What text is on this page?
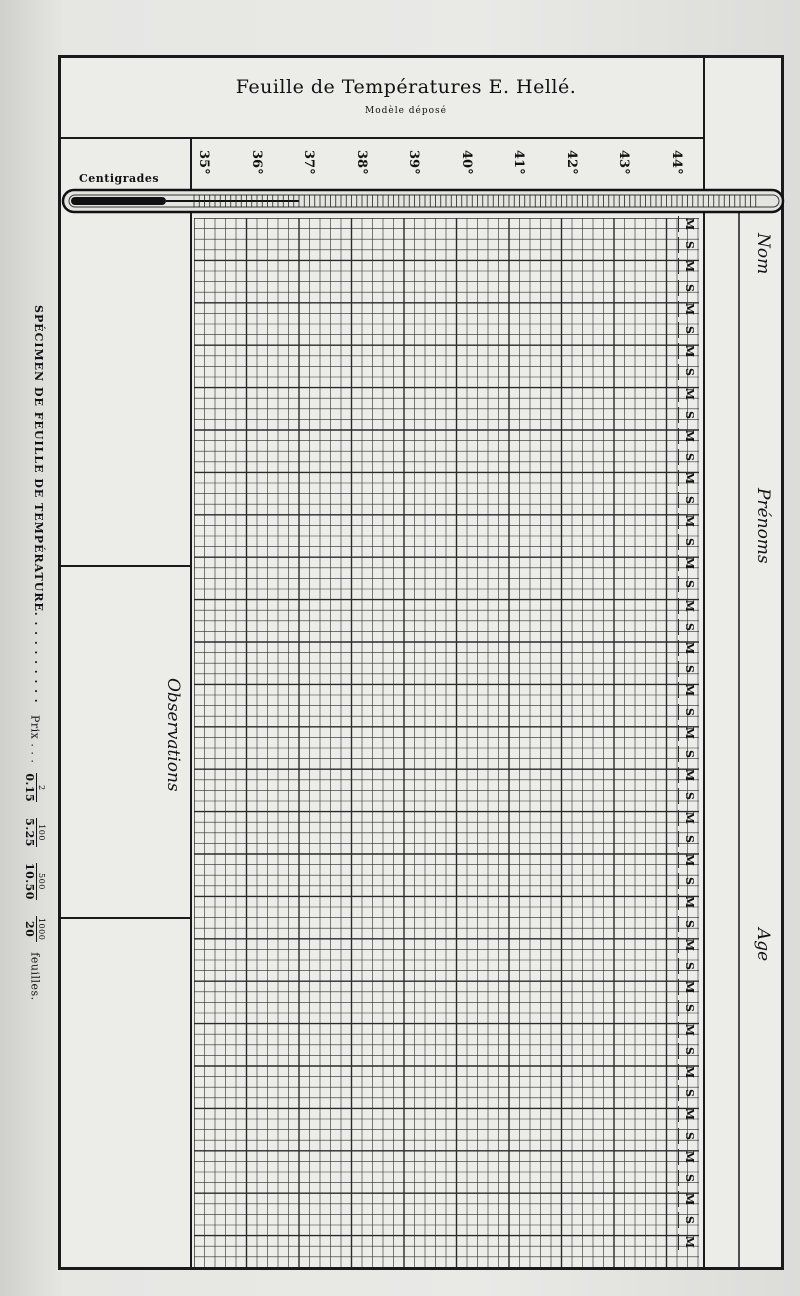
SPÉCIMEN DE FEUILLE DE TEMPÉRATURE. . . . . . . . . .
Prix . . .
2
0.15

100
5.25

500
10.50

1000
20
feuilles.
Feuille de Températures E. Hellé.
Modèle déposé
Centigrades
35°	36°	37°	38°	39°	40°	41°	42°	43°	44°
M
S
M
S
M
S
M
S
M
S
M
S
M
S
M
S
M
S
M
S
M
S
M
S
M
S
M
S
M
S
M
S
M
S
M
S
M
S
M
S
M
S
M
S
M
S
M
S
M
Observations
Nom
Prénoms
Age
